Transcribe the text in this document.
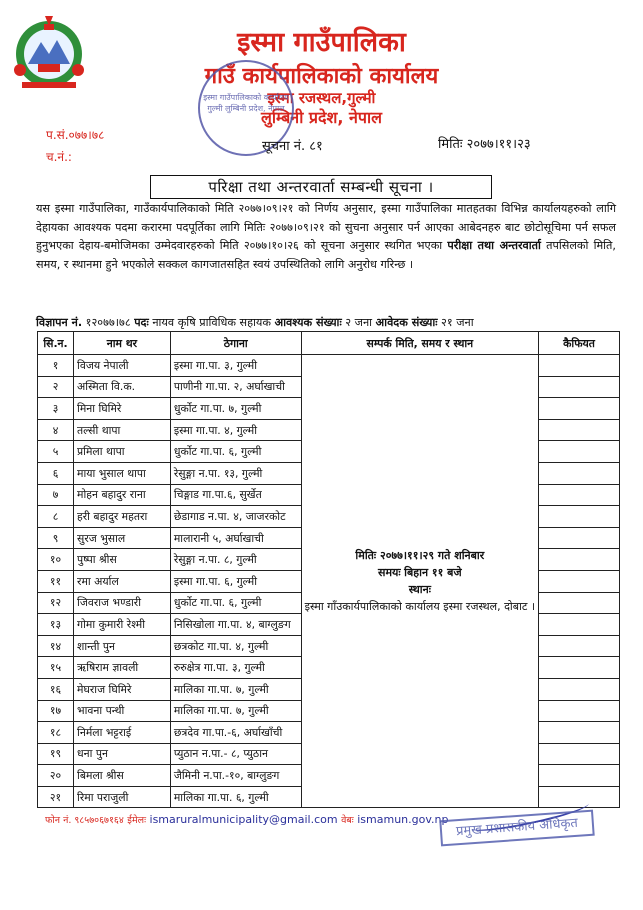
इस्मा गाउँपालिका
गाउँ कार्यपालिकाको कार्यालय
इस्मा रजस्थल,गुल्मी
लुम्बिनी प्रदेश, नेपाल
इस्मा गाउँपालिकाको कार्यालय गुल्मी लुम्बिनी प्रदेश, नेपाल
प.सं.०७७।७८
च.नं.:
सूचना नं. ८१	मितिः २०७७।११।२३
परिक्षा तथा अन्तरवार्ता सम्बन्धी सूचना ।
यस इस्मा गाउँपालिका, गाउँकार्यपालिकाको मिति २०७७।०९।२१ को निर्णय अनुसार, इस्मा गाउँपालिका मातहतका विभिन्न कार्यालयहरुको लागि देहायका आवश्यक पदमा करारमा पदपूर्तिका लागि मितिः २०७७।०९।२१ को सुचना अनुसार पर्न आएका आबेदनहरु बाट छोटोसूचिमा पर्न सफल हुनुभएका देहाय-बमोजिमका उम्मेदवारहरुको मिति २०७७।१०।२६ को सूचना अनुसार स्थगित भएका परीक्षा तथा अन्तरवार्ता तपसिलको मिति, समय, र स्थानमा हुने भएकोले सक्कल कागजातसहित स्वयं उपस्थितिको लागि अनुरोध गरिन्छ ।
विज्ञापन नं. १२०७७।७८ पदः नायव कृषि प्राविधिक सहायक आवश्यक संख्याः २ जना आवेदक संख्याः २१ जना
सि.न.	नाम थर	ठेगाना	सम्पर्क मिति, समय र स्थान	कैफियत
१	विजय नेपाली	इस्मा गा.पा. ३, गुल्मी	मितिः २०७७।११।२९ गते शनिबार
समयः बिहान ११ बजे
स्थानः
इस्मा गाँउकार्यपालिकाको कार्यालय इस्मा रजस्थल, दोबाट ।	

२	अस्मिता वि.क.	पाणीनी गा.पा. २, अर्घाखाची		
३	मिना घिमिरे	धुर्कोट गा.पा. ७, गुल्मी		
४	तल्सी थापा	इस्मा गा.पा. ४, गुल्मी		
५	प्रमिला थापा	धुर्कोट गा.पा. ६, गुल्मी		
६	माया भुसाल थापा	रेसुङ्गा न.पा. १३, गुल्मी		
७	मोहन बहादुर राना	चिङ्गाड गा.पा.६, सुर्खेत		
८	हरी बहादुर महतरा	छेडागाड न.पा. ४, जाजरकोट		
९	सुरज भुसाल	मालारानी ५, अर्घाखाची		
१०	पुष्पा श्रीस	रेसुङ्गा न.पा. ८, गुल्मी		
११	रमा अर्याल	इस्मा गा.पा. ६, गुल्मी		
१२	जिवराज भण्डारी	धुर्कोट गा.पा. ६, गुल्मी		
१३	गोमा कुमारी रेश्मी	निसिखोला गा.पा. ४, बाग्लुङग		
१४	शान्ती पुन	छत्रकोट गा.पा. ४, गुल्मी		
१५	ऋषिराम ज्ञावली	रुरुक्षेत्र गा.पा. ३, गुल्मी		
१६	मेघराज घिमिरे	मालिका गा.पा. ७, गुल्मी		
१७	भावना पन्थी	मालिका गा.पा. ७, गुल्मी		
१८	निर्मला भट्टराई	छत्रदेव गा.पा.-६, अर्घाखाँची		
१९	धना पुन	प्युठान न.पा.- ८, प्युठान		
२०	बिमला श्रीस	जैमिनी न.पा.-१०, बाग्लुङग		
२१	रिमा पराजुली	मालिका गा.पा. ६, गुल्मी		
फोन नं. ९८५७०६७१६४ ईमेलः ismaruralmunicipality@gmail.com वेबः ismamun.gov.np प्रमुख प्रशासकीय अधिकृत
